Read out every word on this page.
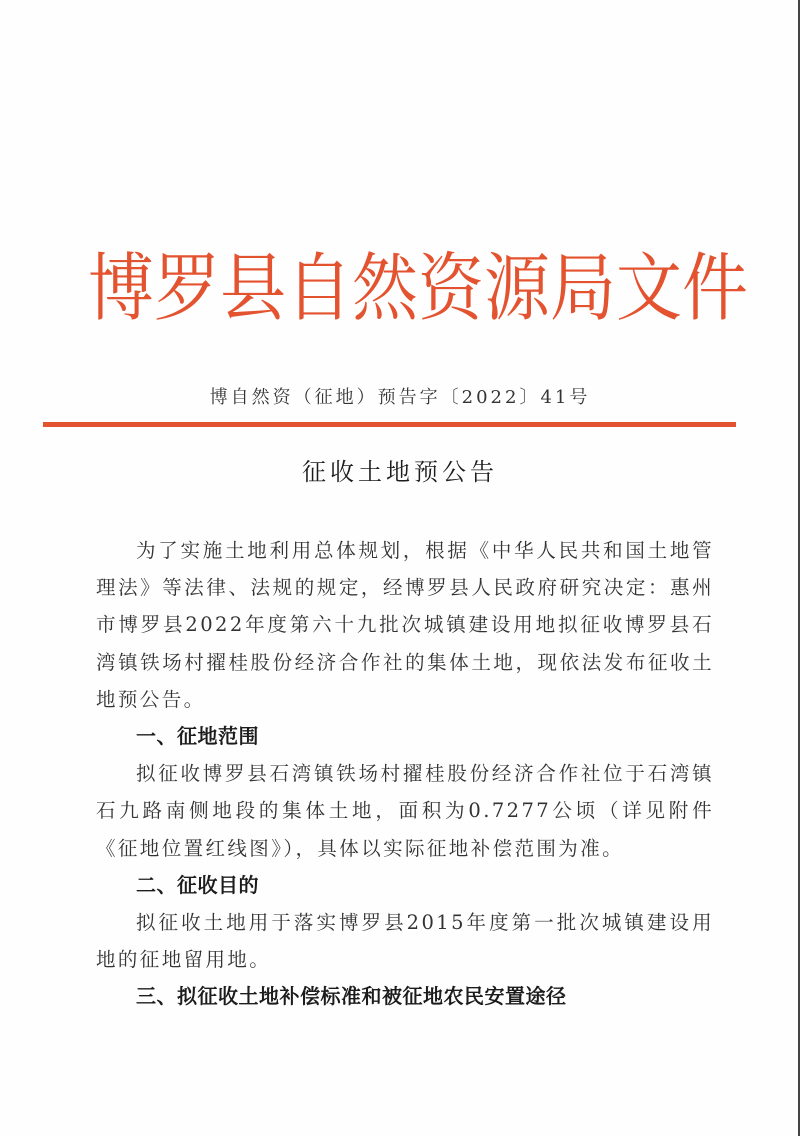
博 罗 县 自 然 资 源 局 文 件
博自然资（征地）预告字〔2022〕41号
征收土地预公告

为了实施土地利用总体规划，根据《中华人民共和国土地管理法》等法律、法规的规定，经博罗县人民政府研究决定：惠州市博罗县2022年度第六十九批次城镇建设用地拟征收博罗县石湾镇铁场村擢桂股份经济合作社的集体土地，现依法发布征收土地预公告。

一、征地范围

拟征收博罗县石湾镇铁场村擢桂股份经济合作社位于石湾镇石九路南侧地段的集体土地，面积为0.7277公顷（详见附件《征地位置红线图》），具体以实际征地补偿范围为准。

二、征收目的

拟征收土地用于落实博罗县2015年度第一批次城镇建设用地的征地留用地。

三、拟征收土地补偿标准和被征地农民安置途径
